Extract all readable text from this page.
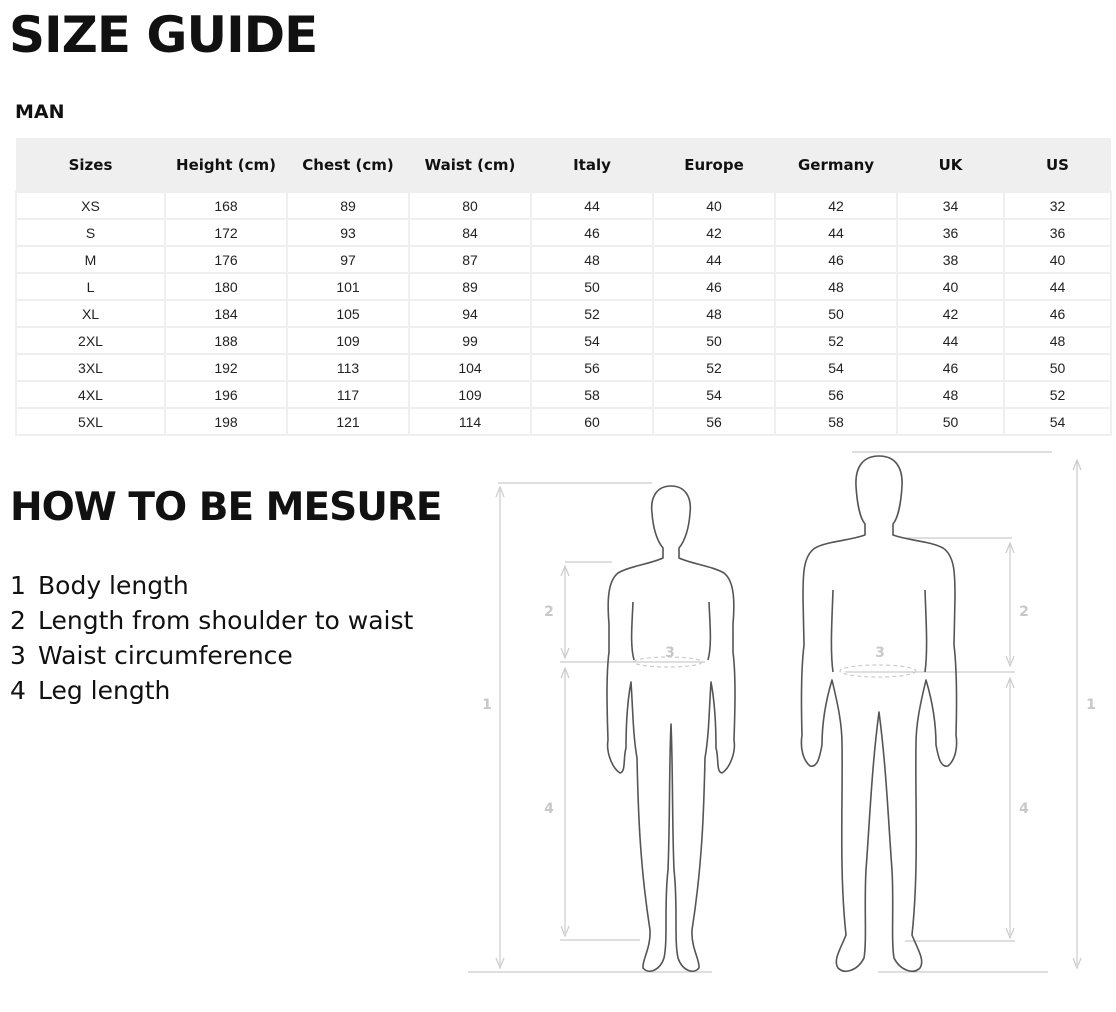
SIZE GUIDE
MAN
Sizes	Height (cm)	Chest (cm)	Waist (cm)	Italy	Europe	Germany	UK	US
XS	168	89	80	44	40	42	34	32
S	172	93	84	46	42	44	36	36
M	176	97	87	48	44	46	38	40
L	180	101	89	50	46	48	40	44
XL	184	105	94	52	48	50	42	46
2XL	188	109	99	54	50	52	44	48
3XL	192	113	104	56	52	54	46	50
4XL	196	117	109	58	54	56	48	52
5XL	198	121	114	60	56	58	50	54
HOW TO BE MESURE
1 Body length
2 Length from shoulder to waist
3 Waist circumference
4 Leg length	1
2
3
4
1
2
3
4
